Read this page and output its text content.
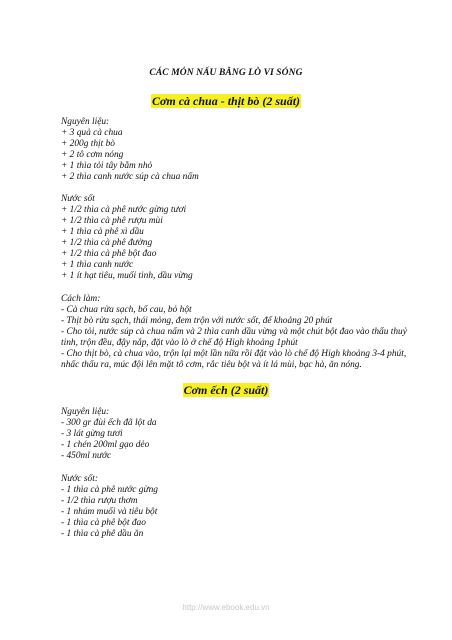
CÁC MÓN NẤU BẰNG LÒ VI SÓNG
Cơm cà chua - thịt bò (2 suất)
Nguyên liệu:
+ 3 quả cà chua
+ 200g thịt bò
+ 2 tô cơm nóng
+ 1 thìa tỏi tây bằm nhỏ
+ 2 thìa canh nước súp cà chua nấm
Nước sốt
+ 1/2 thìa cà phê nước gừng tươi
+ 1/2 thìa cà phê rượu mùi
+ 1 thìa cà phê xì dầu
+ 1/2 thìa cà phê đường
+ 1/2 thìa cà phê bột đao
+ 1 thìa canh nước
+ 1 ít hạt tiêu, muối tinh, dầu vừng
Cách làm:
- Cà chua rửa sạch, bổ cau, bỏ hột
- Thịt bò rửa sạch, thái mỏng, đem trộn với nước sốt, để khoảng 20 phút
- Cho tỏi, nước súp cà chua nấm và 2 thìa canh dầu vừng và một chút bột đao vào thẩu thuỷ tinh, trộn đều, đậy nắp, đặt vào lò ở chế độ High khoảng 1phút
- Cho thịt bò, cà chua vào, trộn lại một lần nữa rồi đặt vào lò chế độ High khoảng 3-4 phút, nhấc thẩu ra, múc đội lên mặt tô cơm, rắc tiêu bột và ít lá mùi, bạc hà, ăn nóng.
Cơm ếch (2 suất)
Nguyên liệu:
- 300 gr đùi ếch đã lột da
- 3 lát gừng tươi
- 1 chén 200ml gạo dẻo
- 450ml nước
Nước sốt:
- 1 thìa cà phê nước gừng
- 1/2 thìa rượu thơm
- 1 nhúm muối và tiêu bột
- 1 thìa cà phê bột đao
- 1 thìa cà phê dầu ăn
http://www.ebook.edu.vn
